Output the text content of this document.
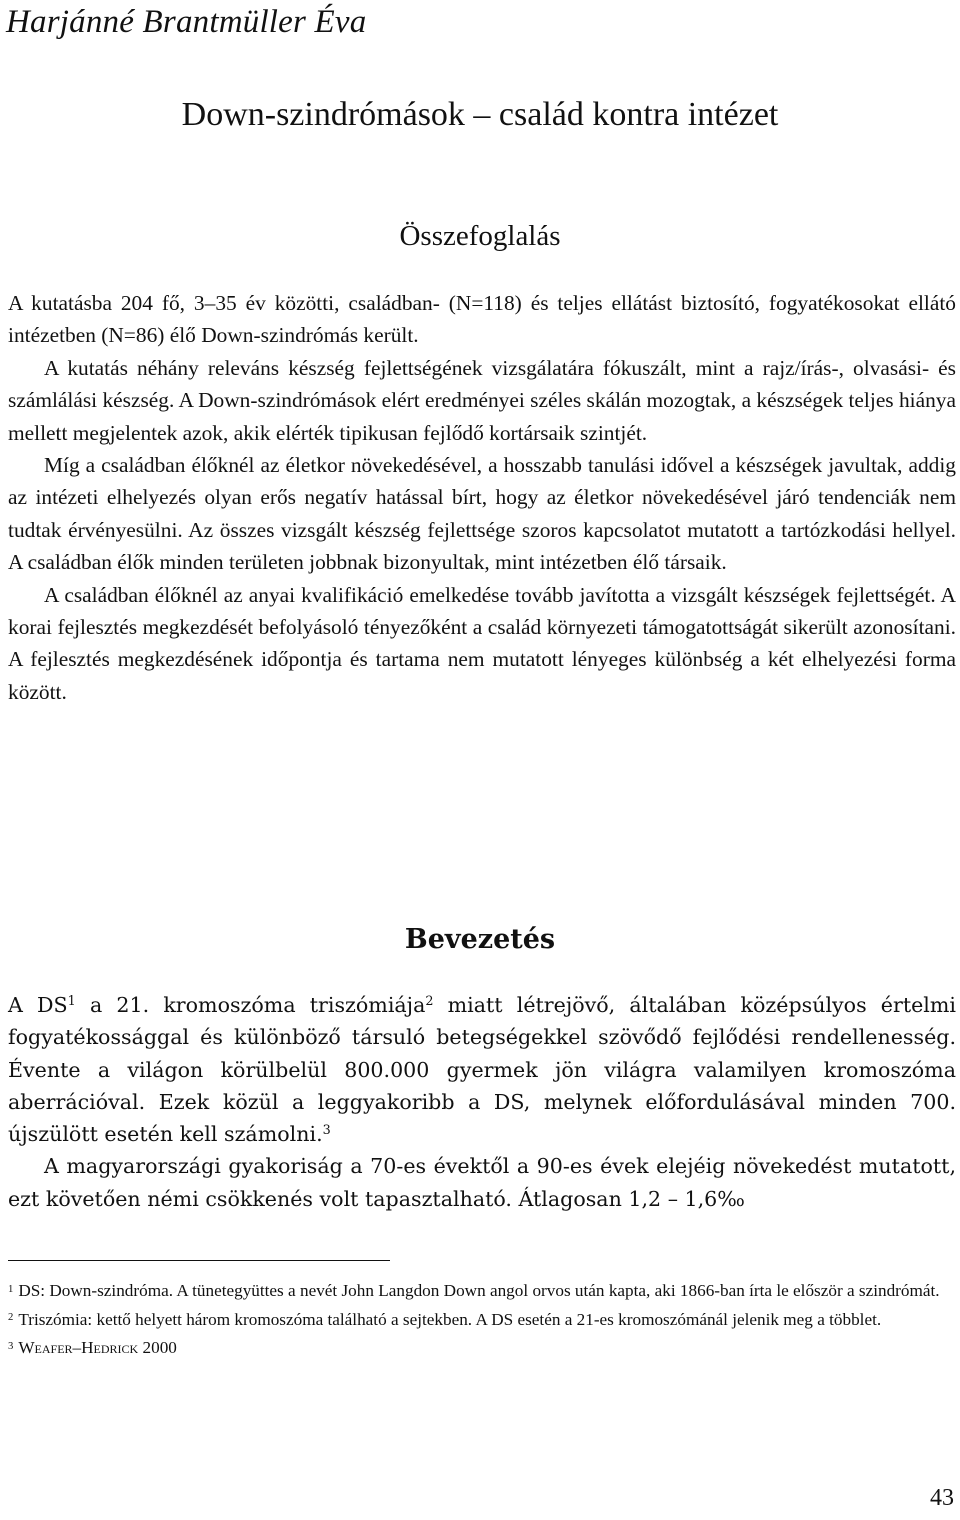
Harjánné Brantmüller Éva
Down-szindrómások – család kontra intézet
Összefoglalás

A kutatásba 204 fő, 3–35 év közötti, családban- (N=118) és teljes ellátást biztosító, fogyatékosokat ellátó intézetben (N=86) élő Down-szindrómás került.

A kutatás néhány releváns készség fejlettségének vizsgálatára fókuszált, mint a rajz/írás-, olvasási- és számlálási készség. A Down-szindrómások elért eredményei széles skálán mozogtak, a készségek teljes hiánya mellett megjelentek azok, akik elérték tipikusan fejlődő kortársaik szintjét.

Míg a családban élőknél az életkor növekedésével, a hosszabb tanulási idővel a készségek javultak, addig az intézeti elhelyezés olyan erős negatív hatással bírt, hogy az életkor növekedésével járó tendenciák nem tudtak érvényesülni. Az összes vizsgált készség fejlettsége szoros kapcsolatot mutatott a tartózkodási hellyel. A családban élők minden területen jobbnak bizonyultak, mint intézetben élő társaik.

A családban élőknél az anyai kvalifikáció emelkedése tovább javította a vizsgált készségek fejlettségét. A korai fejlesztés megkezdését befolyásoló tényezőként a család környezeti támogatottságát sikerült azonosítani. A fejlesztés megkezdésének időpontja és tartama nem mutatott lényeges különbség a két elhelyezési forma között.

Bevezetés

A $DS^1$ a 21. kromoszóma triszómiája$^2$ miatt létrejövő, általában középsúlyos értelmi fogyatékossággal és különböző társuló betegségekkel szövődő fejlődési rendellenesség. Évente a világon körülbelül 800.000 gyermek jön világra valamilyen kromoszóma aberrációval. Ezek közül a leggyakoribb a DS, melynek előfordulásával minden 700. újszülött esetén kell számolni.$^3$

A magyarországi gyakoriság a 70-es évektől a 90-es évek elejéig növekedést mutatott, ezt követően némi csökkenés volt tapasztalható. Átlagosan 1,2 – 1,6‰

$^1$ DS: Down-szindróma. A tünetegyüttes a nevét John Langdon Down angol orvos után kapta, aki 1866-ban írta le először a szindrómát.

$^2$ Triszómia: kettő helyett három kromoszóma található a sejtekben. A DS esetén a 21-es kromoszómánál jelenik meg a többlet.

$^3$ Weafer–Hedrick 2000

43
